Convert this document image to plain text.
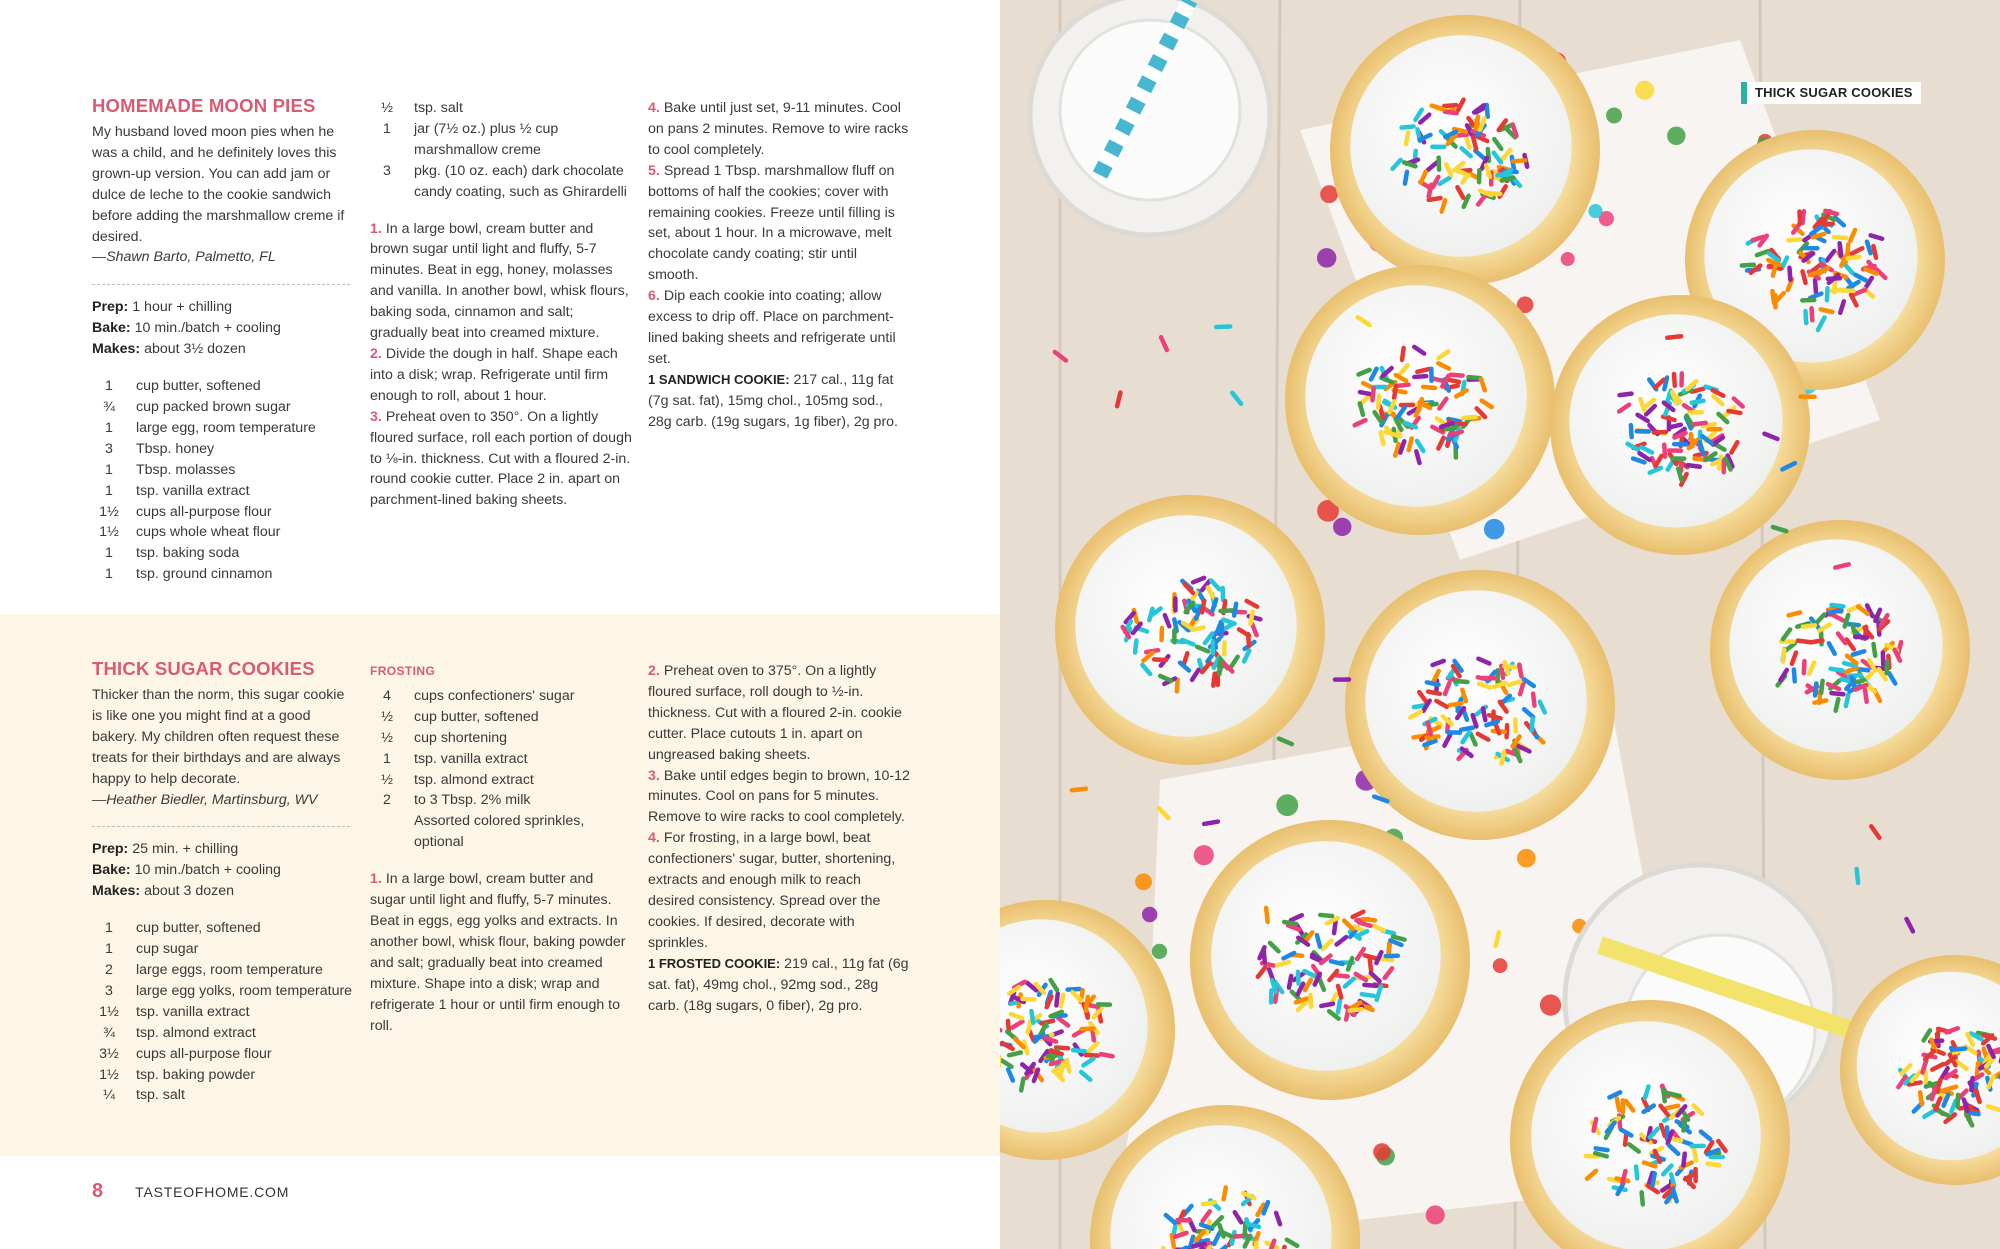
HOMEMADE MOON PIES

My husband loved moon pies when he was a child, and he definitely loves this grown-up version. You can add jam or dulce de leche to the cookie sandwich before adding the marshmallow creme if desired.

—Shawn Barto, Palmetto, FL

Prep: 1 hour + chilling

Bake: 10 min./batch + cooling

Makes: about 3½ dozen

1	cup butter, softened
¾	cup packed brown sugar
1	large egg, room temperature
3	Tbsp. honey
1	Tbsp. molasses
1	tsp. vanilla extract
1½	cups all-purpose flour
1½	cups whole wheat flour
1	tsp. baking soda
1	tsp. ground cinnamon
½	tsp. salt
1	jar (7½ oz.) plus ½ cup marshmallow creme
3	pkg. (10 oz. each) dark chocolate candy coating, such as Ghirardelli

1. In a large bowl, cream butter and brown sugar until light and fluffy, 5-7 minutes. Beat in egg, honey, molasses and vanilla. In another bowl, whisk flours, baking soda, cinnamon and salt; gradually beat into creamed mixture.

2. Divide the dough in half. Shape each into a disk; wrap. Refrigerate until firm enough to roll, about 1 hour.

3. Preheat oven to 350°. On a lightly floured surface, roll each portion of dough to ⅛-in. thickness. Cut with a floured 2-in. round cookie cutter. Place 2 in. apart on parchment-lined baking sheets.

4. Bake until just set, 9-11 minutes. Cool on pans 2 minutes. Remove to wire racks to cool completely.

5. Spread 1 Tbsp. marshmallow fluff on bottoms of half the cookies; cover with remaining cookies. Freeze until filling is set, about 1 hour. In a microwave, melt chocolate candy coating; stir until smooth.

6. Dip each cookie into coating; allow excess to drip off. Place on parchment-lined baking sheets and refrigerate until set.

1 SANDWICH COOKIE: 217 cal., 11g fat (7g sat. fat), 15mg chol., 105mg sod., 28g carb. (19g sugars, 1g fiber), 2g pro.

THICK SUGAR COOKIES

Thicker than the norm, this sugar cookie is like one you might find at a good bakery. My children often request these treats for their birthdays and are always happy to help decorate.

—Heather Biedler, Martinsburg, WV

Prep: 25 min. + chilling

Bake: 10 min./batch + cooling

Makes: about 3 dozen

1	cup butter, softened
1	cup sugar
2	large eggs, room temperature
3	large egg yolks, room temperature
1½	tsp. vanilla extract
¾	tsp. almond extract
3½	cups all-purpose flour
1½	tsp. baking powder
¼	tsp. salt

FROSTING

4	cups confectioners' sugar
½	cup butter, softened
½	cup shortening
1	tsp. vanilla extract
½	tsp. almond extract
2	to 3 Tbsp. 2% milk
Assorted colored sprinkles, optional

1. In a large bowl, cream butter and sugar until light and fluffy, 5-7 minutes. Beat in eggs, egg yolks and extracts. In another bowl, whisk flour, baking powder and salt; gradually beat into creamed mixture. Shape into a disk; wrap and refrigerate 1 hour or until firm enough to roll.

2. Preheat oven to 375°. On a lightly floured surface, roll dough to ½-in. thickness. Cut with a floured 2-in. cookie cutter. Place cutouts 1 in. apart on ungreased baking sheets.

3. Bake until edges begin to brown, 10-12 minutes. Cool on pans for 5 minutes. Remove to wire racks to cool completely.

4. For frosting, in a large bowl, beat confectioners' sugar, butter, shortening, extracts and enough milk to reach desired consistency. Spread over the cookies. If desired, decorate with sprinkles.

1 FROSTED COOKIE: 219 cal., 11g fat (6g sat. fat), 49mg chol., 92mg sod., 28g carb. (18g sugars, 0 fiber), 2g pro.

8 TASTEOFHOME.COM
THICK SUGAR COOKIES
